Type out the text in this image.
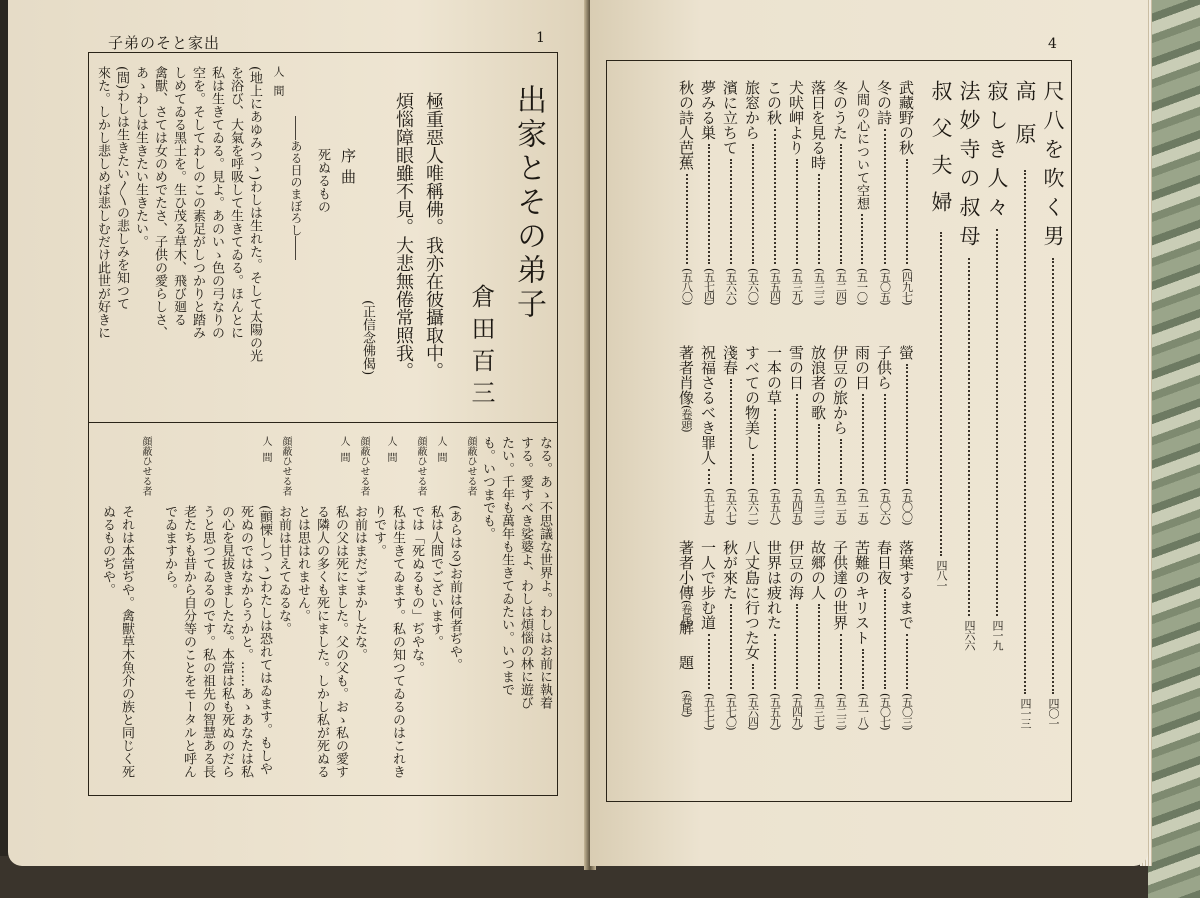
子弟のそと家出	1
出家とその弟子
倉田百三
極重惡人唯稱佛。我亦在彼攝取中。
煩惱障眼雖不見。大悲無倦常照我。
(正信念佛偈)
序曲
死ぬるもの
――ある日のまぼろし――
人間
(地上にあゆみつゝ)わしは生れた。そして太陽の光
を浴び、大氣を呼吸して生きてゐる。ほんとに
私は生きてゐる。見よ。あのいゝ色の弓なりの
空を。そしてわしのこの素足がしつかりと踏み
しめてゐる黑土を。生ひ茂る草木、飛び廻る
禽獸、さては女のめでたさ、子供の愛らしさ、
あゝわしは生きたい生きたい。
(間)わしは生きたい〳〵の悲しみを知つて
來た。しかし悲しめば悲しむだけ此世が好きに
顔蔽ひせる者
人間
顔蔽ひせる者
人間
顔蔽ひせる者
人間
顔蔽ひせる者
人間
顔蔽ひせる者	なる。あゝ不思議な世界よ。わしはお前に執着
する。愛すべき娑婆よ、わしは煩惱の林に遊び
たい。千年も萬年も生きてゐたい。いつまで
も。いつまでも。
(あらはる)お前は何者ぢや。
私は人間でございます。
では「死ぬるもの」ぢやな。
私は生きてゐます。私の知つてゐるのはこれき
りです。
お前はまだごまかしたな。
私の父は死にました。父の父も。おゝ私の愛す
る隣人の多くも死にました。しかし私が死ぬる
とは思はれません。
お前は甘えてゐるな。
(顫慄しつゝ)わたしは恐れてはゐます。もしや
死ぬのではなからうかと。……あゝあなたは私
の心を見拔きましたな。本當は私も死ぬのだら
うと思つてゐるのです。私の祖先の智慧ある長
老たちも昔から自分等のことをモータルと呼ん
でゐますから。
それは本當ぢや。禽獸草木魚介の族と同じく死
ぬるものぢや。
4
尺八を吹く男
四〇一
高原
四一三
寂しき人々
四一九
法妙寺の叔母
四六六
叔父夫婦
四八一
武藏野の秋
(四九七)
冬の詩
(五〇五)
人間の心について空想
(五一〇)
冬のうた
(五二四)
落日を見る時
(五三三)
犬吠岬より
(五三九)
この秋
(五五四)
旅窓から
(五六〇)
濱に立ちて
(五六六)
夢みる巣
(五七四)
秋の詩人芭蕉
(五八〇)
螢
(五〇〇)
子供ら
(五〇六)
雨の日
(五一五)
伊豆の旅から
(五二五)
放浪者の歌
(五三三)
雪の日
(五四五)
一本の草
(五五八)
すべての物美し
(五六二)
淺春
(五六七)
祝福さるべき罪人
(五七五)
著者肖像(卷頭)
落葉するまで
(五〇三)
春日夜
(五〇七)
苦難のキリスト
(五一八)
子供達の世界
(五二三)
故郷の人
(五三七)
伊豆の海
(五四九)
世界は疲れた
(五五九)
八丈島に行つた女
(五六四)
秋が來た
(五七〇)
一人で步む道
(五七七)
著者小傳(卷尾)
解題(卷尾)
